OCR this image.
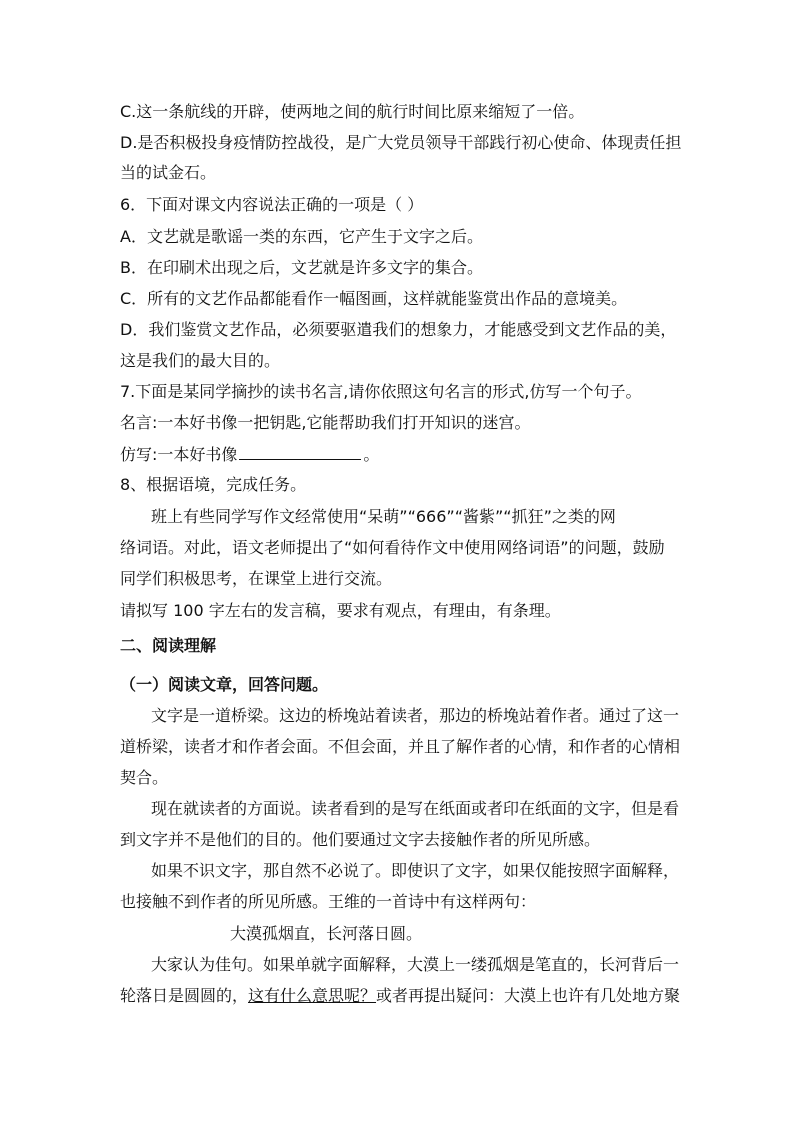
C.这一条航线的开辟，使两地之间的航行时间比原来缩短了一倍。
D.是否积极投身疫情防控战役，是广大党员领导干部践行初心使命、体现责任担
当的试金石。
6．下面对课文内容说法正确的一项是（ ）
A．文艺就是歌谣一类的东西，它产生于文字之后。
B．在印刷术出现之后，文艺就是许多文字的集合。
C．所有的文艺作品都能看作一幅图画，这样就能鉴赏出作品的意境美。
D．我们鉴赏文艺作品，必须要驱遣我们的想象力，才能感受到文艺作品的美，
这是我们的最大目的。
7.下面是某同学摘抄的读书名言,请你依照这句名言的形式,仿写一个句子。
名言:一本好书像一把钥匙,它能帮助我们打开知识的迷宫。
仿写:一本好书像	。
8、根据语境，完成任务。
班上有些同学写作文经常使用“呆萌”“666”“酱紫”“抓狂”之类的网
络词语。对此，语文老师提出了“如何看待作文中使用网络词语”的问题，鼓励
同学们积极思考，在课堂上进行交流。
请拟写 100 字左右的发言稿，要求有观点，有理由，有条理。
二、阅读理解
（一）阅读文章，回答问题。
文字是一道桥梁。这边的桥堍站着读者，那边的桥堍站着作者。通过了这一
道桥梁，读者才和作者会面。不但会面，并且了解作者的心情，和作者的心情相
契合。
现在就读者的方面说。读者看到的是写在纸面或者印在纸面的文字，但是看
到文字并不是他们的目的。他们要通过文字去接触作者的所见所感。
如果不识文字，那自然不必说了。即使识了文字，如果仅能按照字面解释，
也接触不到作者的所见所感。王维的一首诗中有这样两句：
大漠孤烟直，长河落日圆。
大家认为佳句。如果单就字面解释，大漠上一缕孤烟是笔直的，长河背后一
轮落日是圆圆的，这有什么意思呢？或者再提出疑问：大漠上也许有几处地方聚
